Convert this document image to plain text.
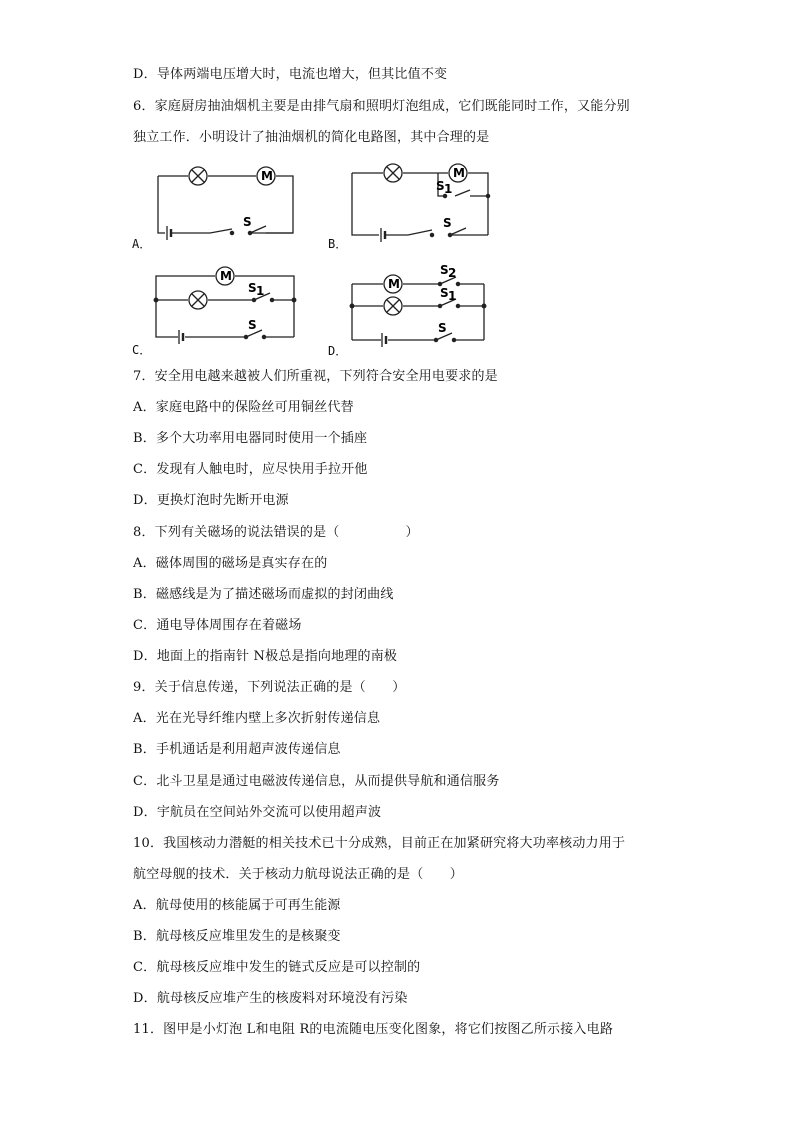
D．导体两端电压增大时，电流也增大，但其比值不变
6．家庭厨房抽油烟机主要是由排气扇和照明灯泡组成，它们既能同时工作，又能分别
独立工作．小明设计了抽油烟机的简化电路图，其中合理的是
M
S
A．
M
S 1
S
B．
M
S 1
S
C．
M
S 2
S 1
S
D．
7．安全用电越来越被人们所重视，下列符合安全用电要求的是
A．家庭电路中的保险丝可用铜丝代替
B．多个大功率用电器同时使用一个插座
C．发现有人触电时，应尽快用手拉开他
D．更换灯泡时先断开电源
8．下列有关磁场的说法错误的是（　　　　　）
A．磁体周围的磁场是真实存在的
B．磁感线是为了描述磁场而虚拟的封闭曲线
C．通电导体周围存在着磁场
D．地面上的指南针 N极总是指向地理的南极
9．关于信息传递，下列说法正确的是（　　）
A．光在光导纤维内壁上多次折射传递信息
B．手机通话是利用超声波传递信息
C．北斗卫星是通过电磁波传递信息，从而提供导航和通信服务
D．宇航员在空间站外交流可以使用超声波
10．我国核动力潜艇的相关技术已十分成熟，目前正在加紧研究将大功率核动力用于
航空母舰的技术．关于核动力航母说法正确的是（　　）
A．航母使用的核能属于可再生能源
B．航母核反应堆里发生的是核聚变
C．航母核反应堆中发生的链式反应是可以控制的
D．航母核反应堆产生的核废料对环境没有污染
11．图甲是小灯泡 L和电阻 R的电流随电压变化图象，将它们按图乙所示接入电路
